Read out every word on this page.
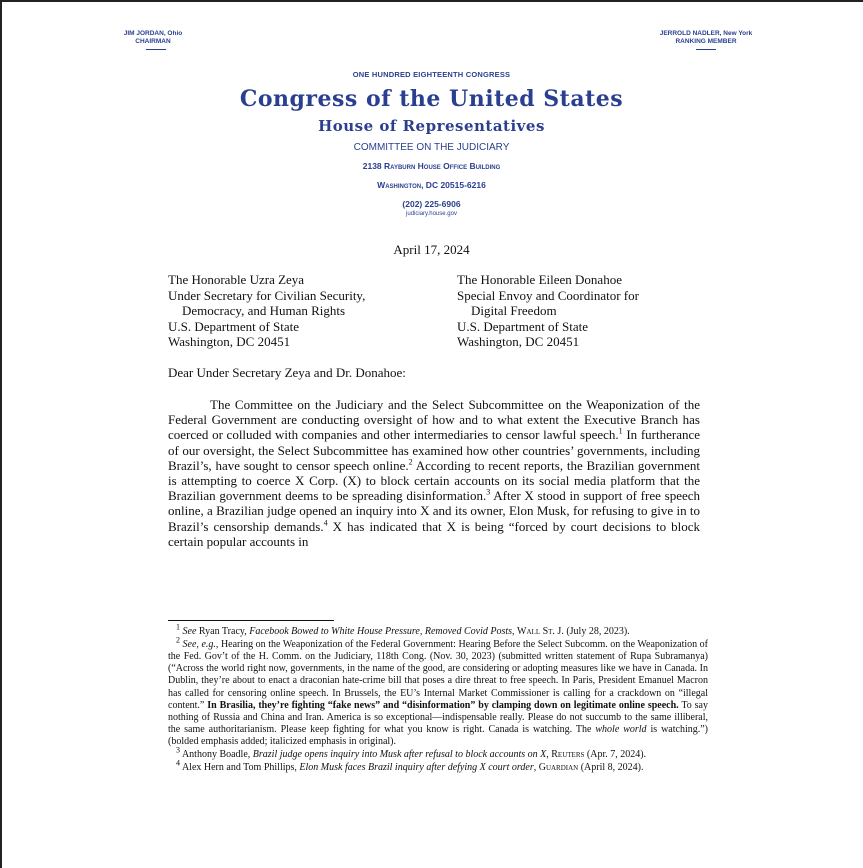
JIM JORDAN, Ohio
CHAIRMAN
JERROLD NADLER, New York
RANKING MEMBER
ONE HUNDRED EIGHTEENTH CONGRESS
Congress of the United States
House of Representatives
COMMITTEE ON THE JUDICIARY
2138 Rayburn House Office Building
Washington, DC 20515-6216
(202) 225-6906
judiciary.house.gov
April 17, 2024
The Honorable Uzra Zeya
Under Secretary for Civilian Security,
Democracy, and Human Rights
U.S. Department of State
Washington, DC 20451
The Honorable Eileen Donahoe
Special Envoy and Coordinator for
Digital Freedom
U.S. Department of State
Washington, DC 20451
Dear Under Secretary Zeya and Dr. Donahoe:

The Committee on the Judiciary and the Select Subcommittee on the Weaponization of the Federal Government are conducting oversight of how and to what extent the Executive Branch has coerced or colluded with companies and other intermediaries to censor lawful speech.$^1$ In furtherance of our oversight, the Select Subcommittee has examined how other countries’ governments, including Brazil’s, have sought to censor speech online.$^2$ According to recent reports, the Brazilian government is attempting to coerce X Corp. (X) to block certain accounts on its social media platform that the Brazilian government deems to be spreading disinformation.$^3$ After X stood in support of free speech online, a Brazilian judge opened an inquiry into X and its owner, Elon Musk, for refusing to give in to Brazil’s censorship demands.$^4$ X has indicated that X is being “forced by court decisions to block certain popular accounts in

$^1$ See Ryan Tracy, Facebook Bowed to White House Pressure, Removed Covid Posts, Wall St. J. (July 28, 2023).

$^2$ See, e.g., Hearing on the Weaponization of the Federal Government: Hearing Before the Select Subcomm. on the Weaponization of the Fed. Gov’t of the H. Comm. on the Judiciary, 118th Cong. (Nov. 30, 2023) (submitted written statement of Rupa Subramanya) (“Across the world right now, governments, in the name of the good, are considering or adopting measures like we have in Canada. In Dublin, they’re about to enact a draconian hate-crime bill that poses a dire threat to free speech. In Paris, President Emanuel Macron has called for censoring online speech. In Brussels, the EU’s Internal Market Commissioner is calling for a crackdown on “illegal content.” In Brasilia, they’re fighting “fake news” and “disinformation” by clamping down on legitimate online speech. To say nothing of Russia and China and Iran. America is so exceptional—indispensable really. Please do not succumb to the same illiberal, the same authoritarianism. Please keep fighting for what you know is right. Canada is watching. The whole world is watching.”) (bolded emphasis added; italicized emphasis in original).

$^3$ Anthony Boadle, Brazil judge opens inquiry into Musk after refusal to block accounts on X, Reuters (Apr. 7, 2024).

$^4$ Alex Hern and Tom Phillips, Elon Musk faces Brazil inquiry after defying X court order, Guardian (April 8, 2024).
